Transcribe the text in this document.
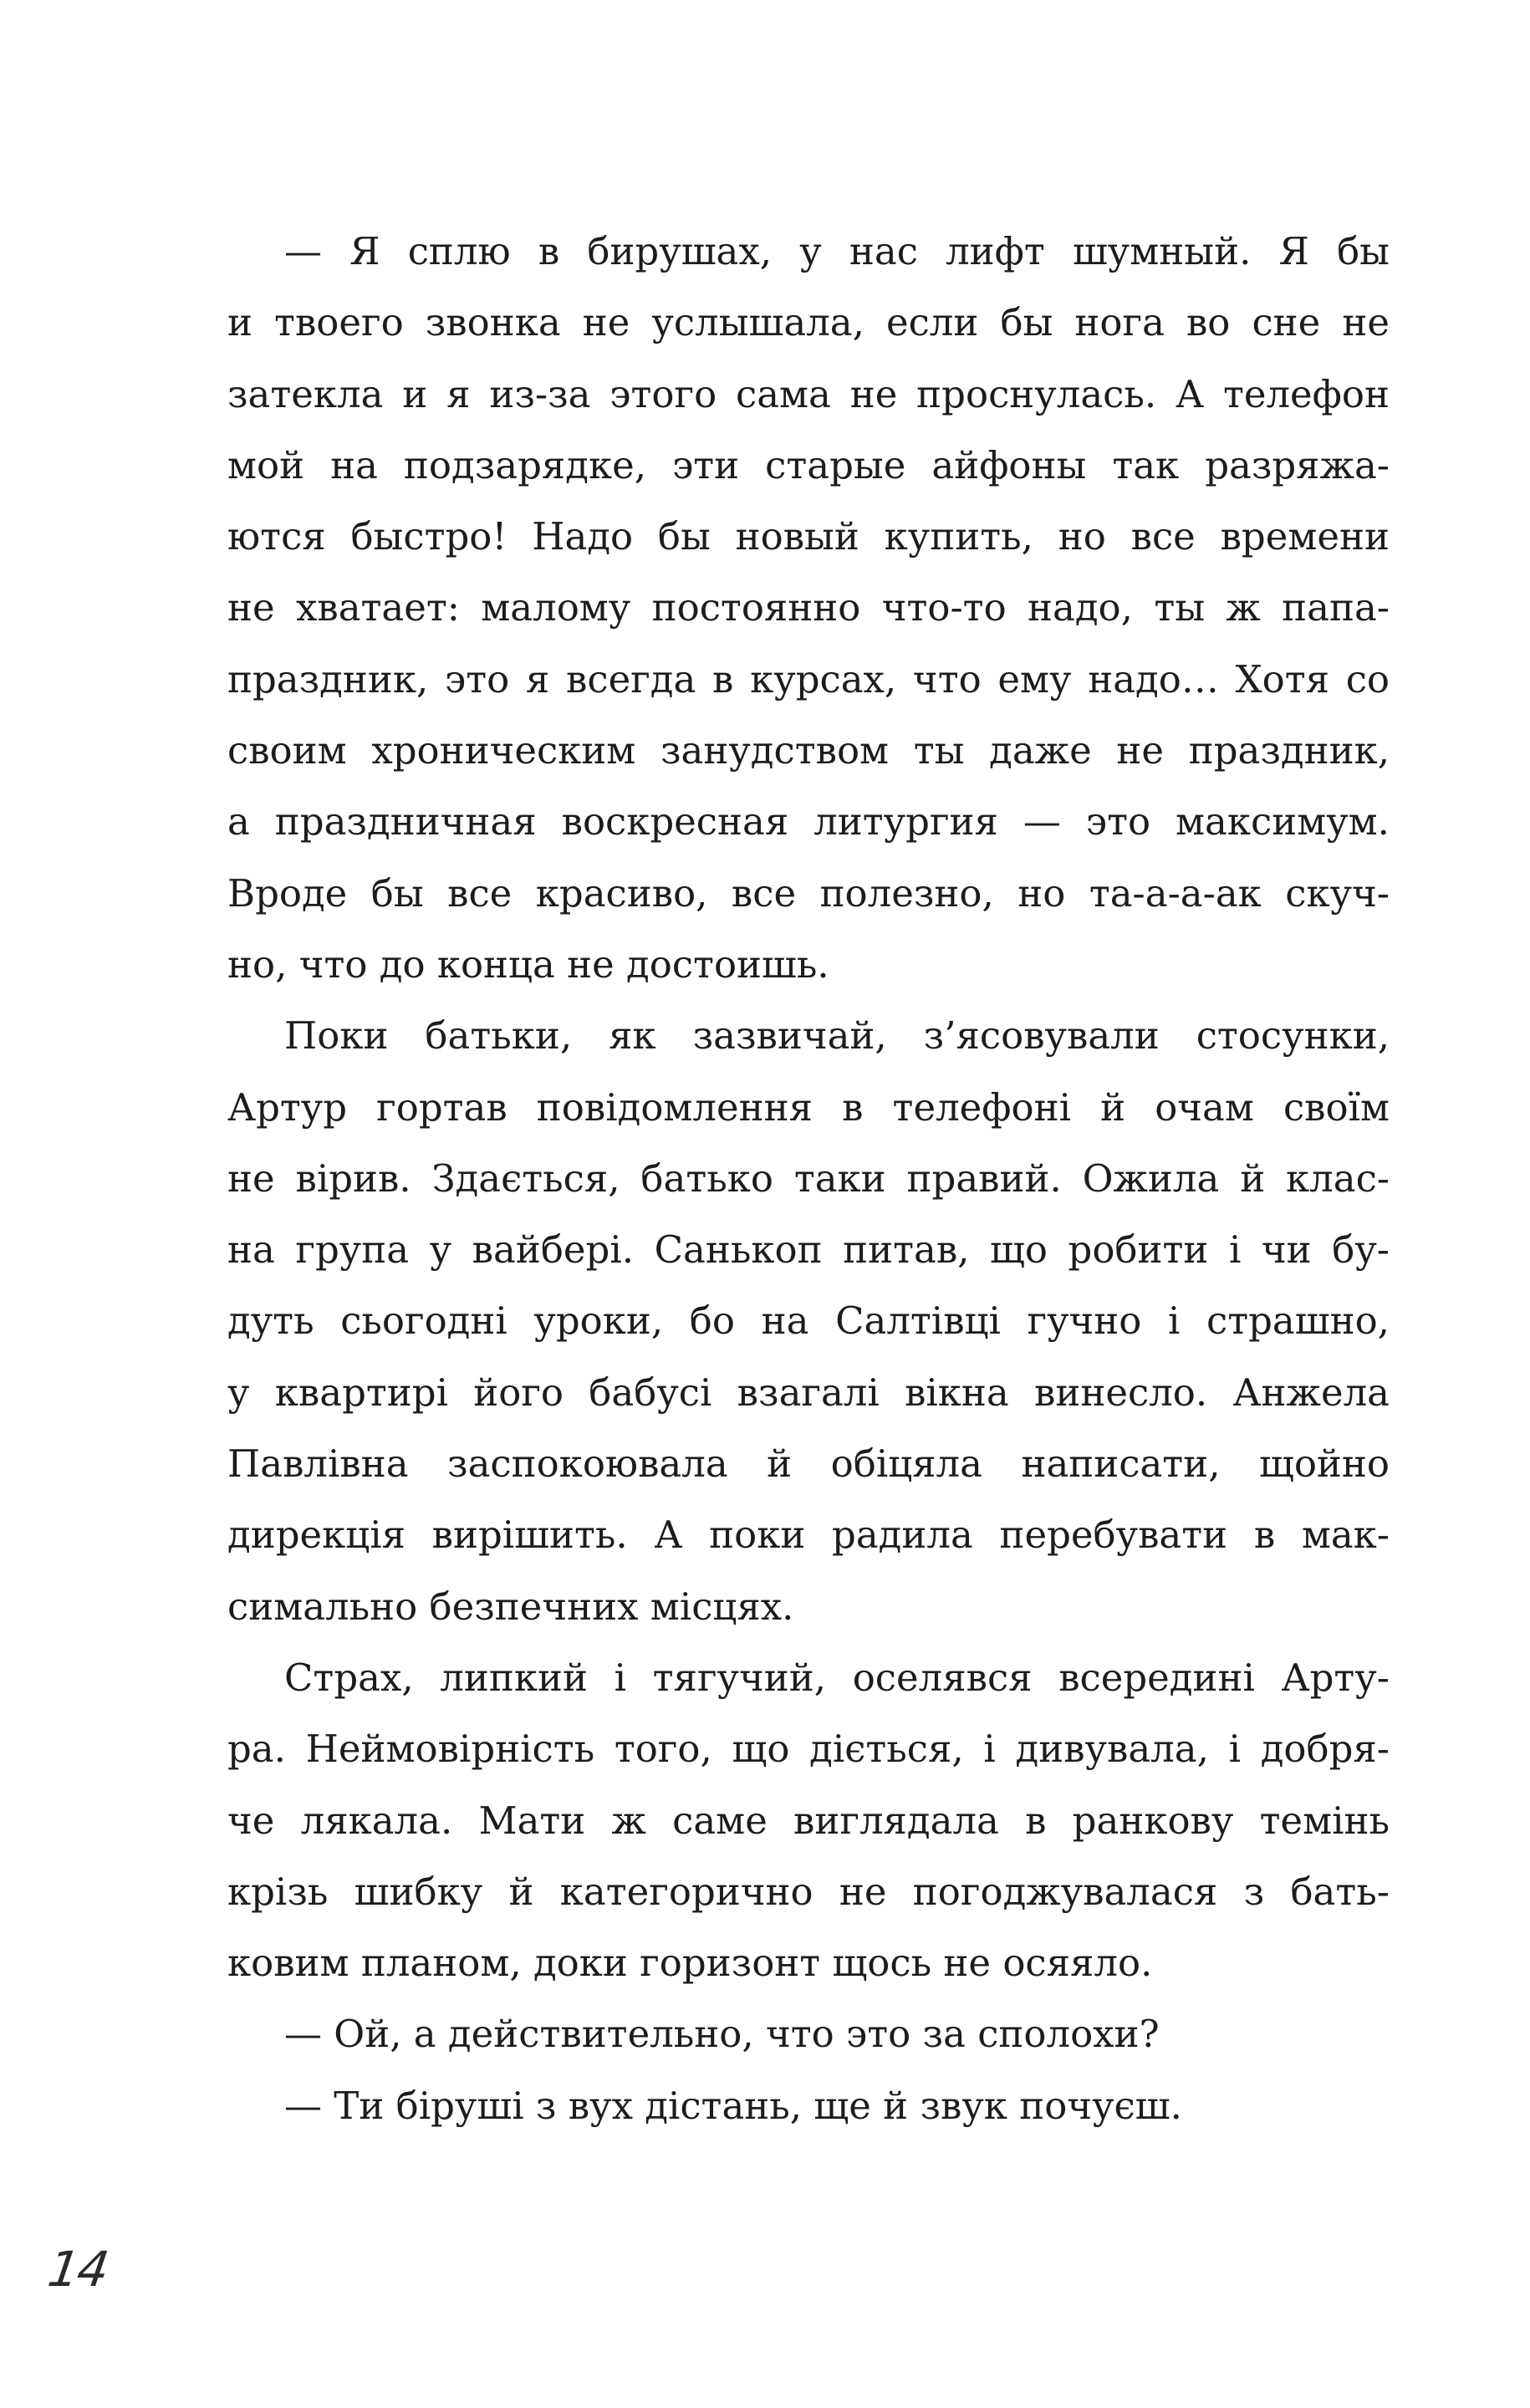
— Я сплю в бирушах, у нас лифт шумный. Я бы
и твоего звонка не услышала, если бы нога во сне не
затекла и я из-за этого сама не проснулась. А телефон
мой на подзарядке, эти старые айфоны так разряжа-
ются быстро! Надо бы новый купить, но все времени
не хватает: малому постоянно что-то надо, ты ж папа-
праздник, это я всегда в курсах, что ему надо… Хотя со
своим хроническим занудством ты даже не праздник,
а праздничная воскресная литургия — это максимум.
Вроде бы все красиво, все полезно, но та-а-а-ак скуч-
но, что до конца не достоишь.
Поки батьки, як зазвичай, з’ясовували стосунки,
Артур гортав повідомлення в телефоні й очам своїм
не вірив. Здається, батько таки правий. Ожила й клас-
на група у вайбері. Санькоп питав, що робити і чи бу-
дуть сьогодні уроки, бо на Салтівці гучно і страшно,
у квартирі його бабусі взагалі вікна винесло. Анжела
Павлівна заспокоювала й обіцяла написати, щойно
дирекція вирішить. А поки радила перебувати в мак-
симально безпечних місцях.
Страх, липкий і тягучий, оселявся всередині Арту-
ра. Неймовірність того, що діється, і дивувала, і добря-
че лякала. Мати ж саме виглядала в ранкову темінь
крізь шибку й категорично не погоджувалася з бать-
ковим планом, доки горизонт щось не осяяло.
— Ой, а действительно, что это за сполохи?
— Ти біруші з вух дістань, ще й звук почуєш.
14
